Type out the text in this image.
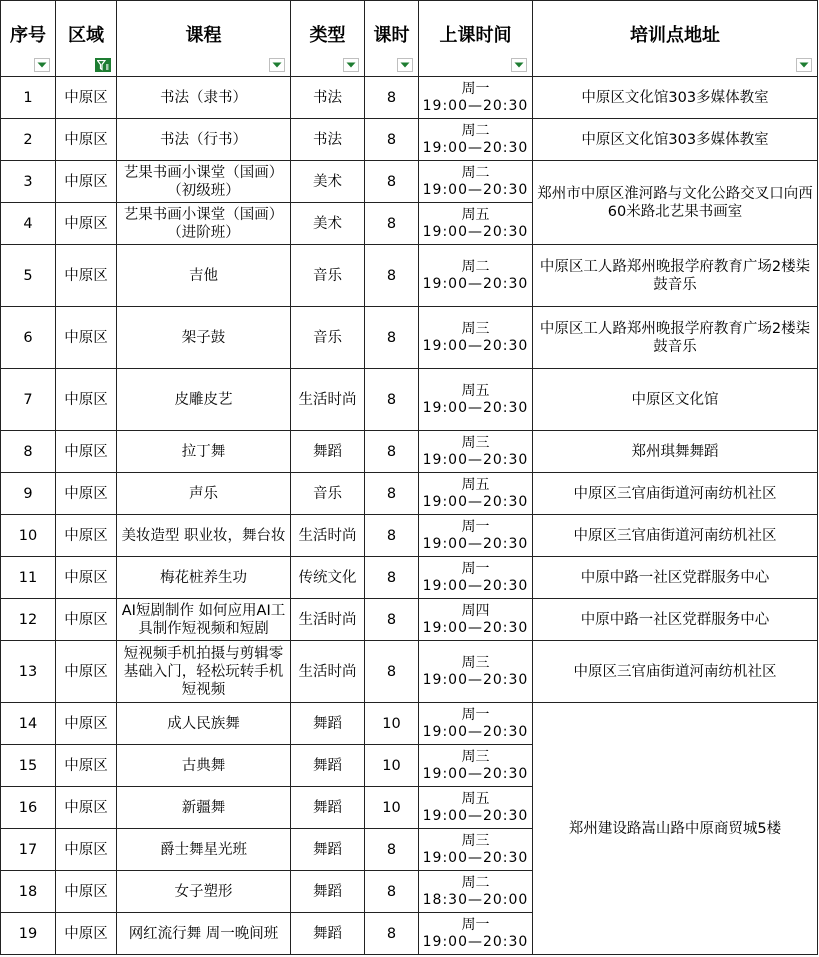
序号	区域	课程	类型	课时	上课时间	培训点地址

1	中原区	书法（隶书）	书法	8	周一
19:00—20:30	中原区文化馆303多媒体教室
2	中原区	书法（行书）	书法	8	周二
19:00—20:30	中原区文化馆303多媒体教室
3	中原区	艺果书画小课堂（国画）（初级班）	美术	8	周二
19:00—20:30	郑州市中原区淮河路与文化公路交叉口向西60米路北艺果书画室
4	中原区	艺果书画小课堂（国画）（进阶班）	美术	8	周五
19:00—20:30	

5	中原区	吉他	音乐	8	周二
19:00—20:30	中原区工人路郑州晚报学府教育广场2楼柒鼓音乐
6	中原区	架子鼓	音乐	8	周三
19:00—20:30	中原区工人路郑州晚报学府教育广场2楼柒鼓音乐
7	中原区	皮雕皮艺	生活时尚	8	周五
19:00—20:30	中原区文化馆
8	中原区	拉丁舞	舞蹈	8	周三
19:00—20:30	郑州琪舞舞蹈
9	中原区	声乐	音乐	8	周五
19:00—20:30	中原区三官庙街道河南纺机社区
10	中原区	美妆造型 职业妆，舞台妆	生活时尚	8	周一
19:00—20:30	中原区三官庙街道河南纺机社区
11	中原区	梅花桩养生功	传统文化	8	周一
19:00—20:30	中原中路一社区党群服务中心
12	中原区	AI短剧制作 如何应用AI工具制作短视频和短剧	生活时尚	8	周四
19:00—20:30	中原中路一社区党群服务中心
13	中原区	短视频手机拍摄与剪辑零基础入门，轻松玩转手机短视频	生活时尚	8	周三
19:00—20:30	中原区三官庙街道河南纺机社区
14	中原区	成人民族舞	舞蹈	10	周一
19:00—20:30	郑州建设路嵩山路中原商贸城5楼
15	中原区	古典舞	舞蹈	10	周三
19:00—20:30	

16	中原区	新疆舞	舞蹈	10	周五
19:00—20:30	

17	中原区	爵士舞星光班	舞蹈	8	周三
19:00—20:30	

18	中原区	女子塑形	舞蹈	8	周二
18:30—20:00	

19	中原区	网红流行舞 周一晚间班	舞蹈	8	周一
19:00—20:30	
